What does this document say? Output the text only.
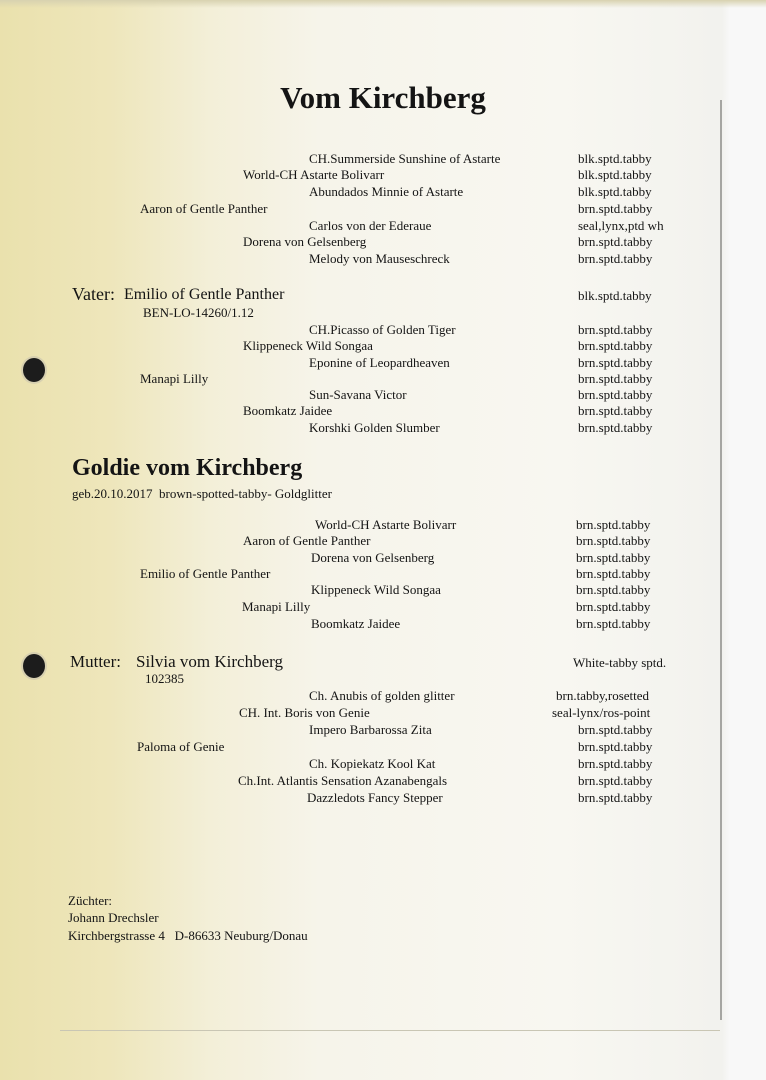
Vom Kirchberg
CH.Summerside Sunshine of Astarte	blk.sptd.tabby
World-CH Astarte Bolivarr	blk.sptd.tabby
Abundados Minnie of Astarte	blk.sptd.tabby
Aaron of Gentle Panther	brn.sptd.tabby
Carlos von der Ederaue	seal,lynx,ptd wh
Dorena von Gelsenberg	brn.sptd.tabby
Melody von Mauseschreck	brn.sptd.tabby
Vater: Emilio of Gentle Panther	blk.sptd.tabby
BEN-LO-14260/1.12
CH.Picasso of Golden Tiger	brn.sptd.tabby
Klippeneck Wild Songaa	brn.sptd.tabby
Eponine of Leopardheaven	brn.sptd.tabby
Manapi Lilly	brn.sptd.tabby
Sun-Savana Victor	brn.sptd.tabby
Boomkatz Jaidee	brn.sptd.tabby
Korshki Golden Slumber	brn.sptd.tabby
Goldie vom Kirchberg
geb.20.10.2017  brown-spotted-tabby- Goldglitter
World-CH Astarte Bolivarr	brn.sptd.tabby
Aaron of Gentle Panther	brn.sptd.tabby
Dorena von Gelsenberg	brn.sptd.tabby
Emilio of Gentle Panther	brn.sptd.tabby
Klippeneck Wild Songaa	brn.sptd.tabby
Manapi Lilly	brn.sptd.tabby
Boomkatz Jaidee	brn.sptd.tabby
Mutter: Silvia vom Kirchberg	White-tabby sptd.
102385
Ch. Anubis of golden glitter	brn.tabby,rosetted
CH. Int. Boris von Genie	seal-lynx/ros-point
Impero Barbarossa Zita	brn.sptd.tabby
Paloma of Genie	brn.sptd.tabby
Ch. Kopiekatz Kool Kat	brn.sptd.tabby
Ch.Int. Atlantis Sensation Azanabengals	brn.sptd.tabby
Dazzledots Fancy Stepper	brn.sptd.tabby
Züchter:
Johann Drechsler
Kirchbergstrasse 4   D-86633 Neuburg/Donau
